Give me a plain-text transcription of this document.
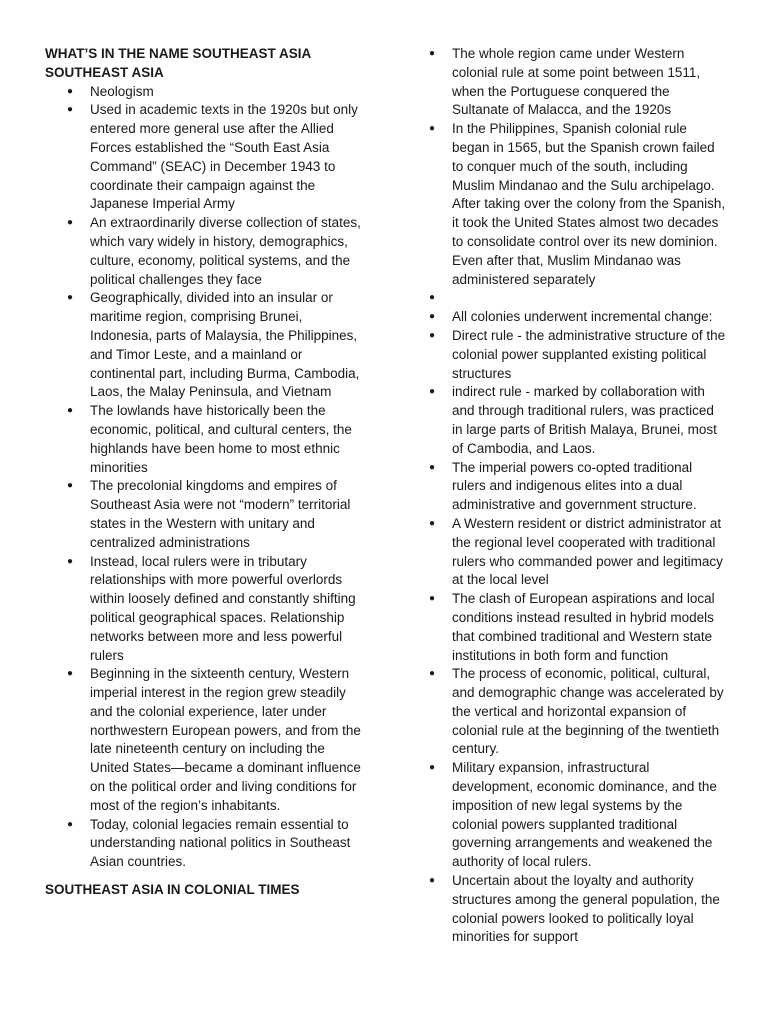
WHAT’S IN THE NAME SOUTHEAST ASIA

SOUTHEAST ASIA

● Neologism
● Used in academic texts in the 1920s but only entered more general use after the Allied Forces established the “South East Asia Command” (SEAC) in December 1943 to coordinate their campaign against the Japanese Imperial Army
● An extraordinarily diverse collection of states, which vary widely in history, demographics, culture, economy, political systems, and the political challenges they face
● Geographically, divided into an insular or maritime region, comprising Brunei, Indonesia, parts of Malaysia, the Philippines, and Timor Leste, and a mainland or continental part, including Burma, Cambodia, Laos, the Malay Peninsula, and Vietnam
● The lowlands have historically been the economic, political, and cultural centers, the highlands have been home to most ethnic minorities
● The precolonial kingdoms and empires of Southeast Asia were not “modern” territorial states in the Western with unitary and centralized administrations
● Instead, local rulers were in tributary relationships with more powerful overlords within loosely defined and constantly shifting political geographical spaces. Relationship networks between more and less powerful rulers
● Beginning in the sixteenth century, Western imperial interest in the region grew steadily and the colonial experience, later under northwestern European powers, and from the late nineteenth century on including the United States—became a dominant influence on the political order and living conditions for most of the region’s inhabitants.
● Today, colonial legacies remain essential to understanding national politics in Southeast Asian countries.

SOUTHEAST ASIA IN COLONIAL TIMES

● The whole region came under Western colonial rule at some point between 1511, when the Portuguese conquered the Sultanate of Malacca, and the 1920s
● In the Philippines, Spanish colonial rule began in 1565, but the Spanish crown failed to conquer much of the south, including Muslim Mindanao and the Sulu archipelago. After taking over the colony from the Spanish, it took the United States almost two decades to consolidate control over its new dominion. Even after that, Muslim Mindanao was administered separately
●
● All colonies underwent incremental change:
● Direct rule - the administrative structure of the colonial power supplanted existing political structures
● indirect rule - marked by collaboration with and through traditional rulers, was practiced in large parts of British Malaya, Brunei, most of Cambodia, and Laos.
● The imperial powers co-opted traditional rulers and indigenous elites into a dual administrative and government structure.
● A Western resident or district administrator at the regional level cooperated with traditional rulers who commanded power and legitimacy at the local level
● The clash of European aspirations and local conditions instead resulted in hybrid models that combined traditional and Western state institutions in both form and function
● The process of economic, political, cultural, and demographic change was accelerated by the vertical and horizontal expansion of colonial rule at the beginning of the twentieth century.
● Military expansion, infrastructural development, economic dominance, and the imposition of new legal systems by the colonial powers supplanted traditional governing arrangements and weakened the authority of local rulers.
● Uncertain about the loyalty and authority structures among the general population, the colonial powers looked to politically loyal minorities for support
